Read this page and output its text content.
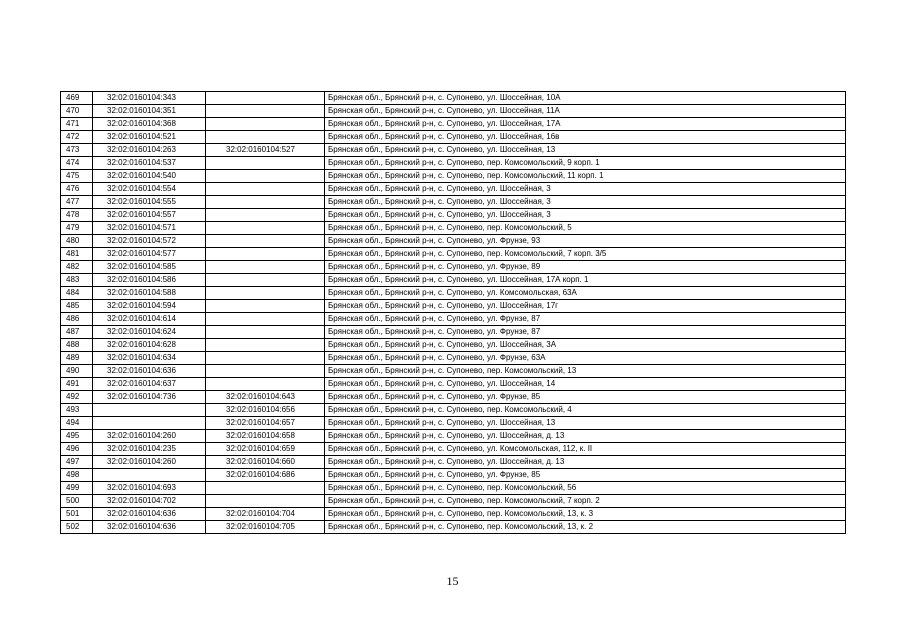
469	32:02:0160104:343		Брянская обл., Брянский р-н, с. Супонево, ул. Шоссейная, 10А
470	32:02:0160104:351		Брянская обл., Брянский р-н, с. Супонево, ул. Шоссейная, 11А
471	32:02:0160104:368		Брянская обл., Брянский р-н, с. Супонево, ул. Шоссейная, 17А
472	32:02:0160104:521		Брянская обл., Брянский р-н, с. Супонево, ул. Шоссейная, 16в
473	32:02:0160104:263	32:02:0160104:527	Брянская обл., Брянский р-н, с. Супонево, ул. Шоссейная, 13
474	32:02:0160104:537		Брянская обл., Брянский р-н, с. Супонево, пер. Комсомольский, 9 корп. 1
475	32:02:0160104:540		Брянская обл., Брянский р-н, с. Супонево, пер. Комсомольский, 11 корп. 1
476	32:02:0160104:554		Брянская обл., Брянский р-н, с. Супонево, ул. Шоссейная, 3
477	32:02:0160104:555		Брянская обл., Брянский р-н, с. Супонево, ул. Шоссейная, 3
478	32:02:0160104:557		Брянская обл., Брянский р-н, с. Супонево, ул. Шоссейная, 3
479	32:02:0160104:571		Брянская обл., Брянский р-н, с. Супонево, пер. Комсомольский, 5
480	32:02:0160104:572		Брянская обл., Брянский р-н, с. Супонево, ул. Фрунзе, 93
481	32:02:0160104:577		Брянская обл., Брянский р-н, с. Супонево, пер. Комсомольский, 7 корп. 3/5
482	32:02:0160104:585		Брянская обл., Брянский р-н, с. Супонево, ул. Фрунзе, 89
483	32:02:0160104:586		Брянская обл., Брянский р-н, с. Супонево, ул. Шоссейная, 17А корп. 1
484	32:02:0160104:588		Брянская обл., Брянский р-н, с. Супонево, ул. Комсомольская, 63А
485	32:02:0160104:594		Брянская обл., Брянский р-н, с. Супонево, ул. Шоссейная, 17г
486	32:02:0160104:614		Брянская обл., Брянский р-н, с. Супонево, ул. Фрунзе, 87
487	32:02:0160104:624		Брянская обл., Брянский р-н, с. Супонево, ул. Фрунзе, 87
488	32:02:0160104:628		Брянская обл., Брянский р-н, с. Супонево, ул. Шоссейная, 3А
489	32:02:0160104:634		Брянская обл., Брянский р-н, с. Супонево, ул. Фрунзе, 63А
490	32:02:0160104:636		Брянская обл., Брянский р-н, с. Супонево, пер. Комсомольский, 13
491	32:02:0160104:637		Брянская обл., Брянский р-н, с. Супонево, ул. Шоссейная, 14
492	32:02:0160104:736	32:02:0160104:643	Брянская обл., Брянский р-н, с. Супонево, ул. Фрунзе, 85
493		32:02:0160104:656	Брянская обл., Брянский р-н, с. Супонево, пер. Комсомольский, 4
494		32:02:0160104:657	Брянская обл., Брянский р-н, с. Супонево, ул. Шоссейная, 13
495	32:02:0160104:260	32:02:0160104:658	Брянская обл., Брянский р-н, с. Супонево, ул. Шоссейная, д. 13
496	32:02:0160104:235	32:02:0160104:659	Брянская обл., Брянский р-н, с. Супонево, ул. Комсомольская, 112, к. II
497	32:02:0160104:260	32:02:0160104:660	Брянская обл., Брянский р-н, с. Супонево, ул. Шоссейная, д. 13
498		32:02:0160104:686	Брянская обл., Брянский р-н, с. Супонево, ул. Фрунзе, 85
499	32:02:0160104:693		Брянская обл., Брянский р-н, с. Супонево, пер. Комсомольский, 56
500	32:02:0160104:702		Брянская обл., Брянский р-н, с. Супонево, пер. Комсомольский, 7 корп. 2
501	32:02:0160104:636	32:02:0160104:704	Брянская обл., Брянский р-н, с. Супонево, пер. Комсомольский, 13, к. 3
502	32:02:0160104:636	32:02:0160104:705	Брянская обл., Брянский р-н, с. Супонево, пер. Комсомольский, 13, к. 2
15
